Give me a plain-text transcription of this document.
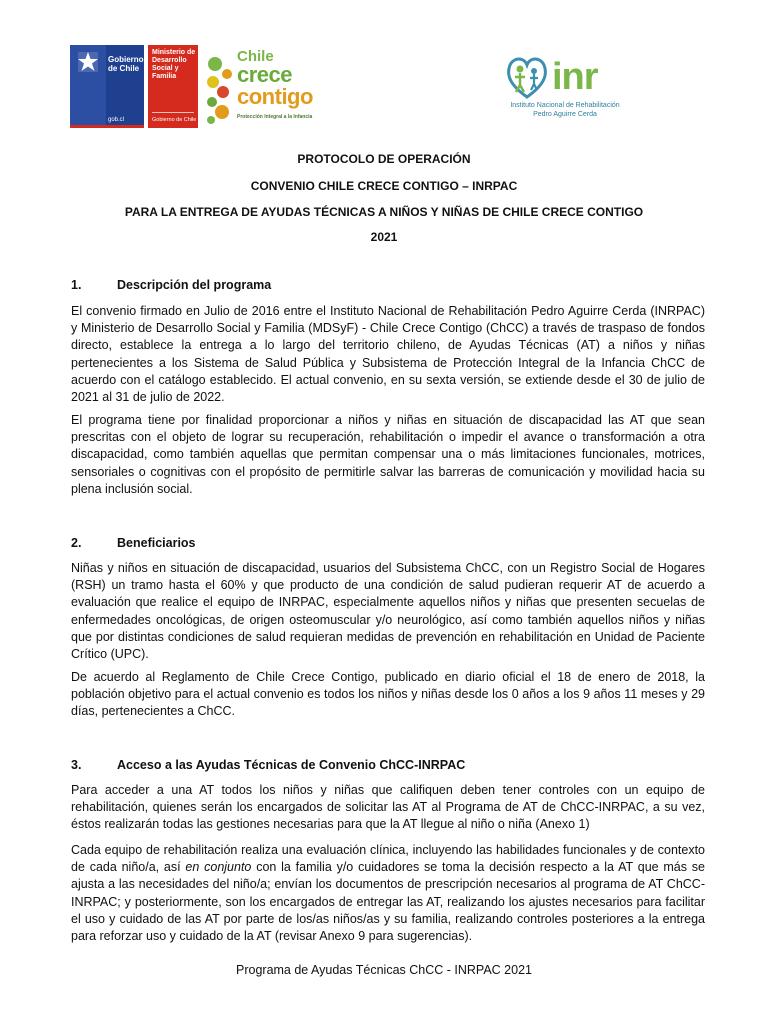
Gobierno
de Chile
gob.cl
Ministerio de
Desarrollo
Social y
Familia
Gobierno de Chile
Chile
crece
contigo
Protección Integral a la Infancia
inr
Instituto Nacional de Rehabilitación
Pedro Aguirre Cerda
PROTOCOLO DE OPERACIÓN
CONVENIO CHILE CRECE CONTIGO – INRPAC
PARA LA ENTREGA DE AYUDAS TÉCNICAS A NIÑOS Y NIÑAS DE CHILE CRECE CONTIGO
2021
1.	Descripción del programa

El convenio firmado en Julio de 2016 entre el Instituto Nacional de Rehabilitación Pedro Aguirre Cerda (INRPAC) y Ministerio de Desarrollo Social y Familia (MDSyF) - Chile Crece Contigo (ChCC) a través de traspaso de fondos directo, establece la entrega a lo largo del territorio chileno, de Ayudas Técnicas (AT) a niños y niñas pertenecientes a los Sistema de Salud Pública y Subsistema de Protección Integral de la Infancia ChCC de acuerdo con el catálogo establecido. El actual convenio, en su sexta versión, se extiende desde el 30 de julio de 2021 al 31 de julio de 2022.

El programa tiene por finalidad proporcionar a niños y niñas en situación de discapacidad las AT que sean prescritas con el objeto de lograr su recuperación, rehabilitación o impedir el avance o transformación a otra discapacidad, como también aquellas que permitan compensar una o más limitaciones funcionales, motrices, sensoriales o cognitivas con el propósito de permitirle salvar las barreras de comunicación y movilidad hacia su plena inclusión social.

2.	Beneficiarios

Niñas y niños en situación de discapacidad, usuarios del Subsistema ChCC, con un Registro Social de Hogares (RSH) un tramo hasta el 60% y que producto de una condición de salud pudieran requerir AT de acuerdo a evaluación que realice el equipo de INRPAC, especialmente aquellos niños y niñas que presenten secuelas de enfermedades oncológicas, de origen osteomuscular y/o neurológico, así como también aquellos niños y niñas que por distintas condiciones de salud requieran medidas de prevención en rehabilitación en Unidad de Paciente Crítico (UPC).

De acuerdo al Reglamento de Chile Crece Contigo, publicado en diario oficial el 18 de enero de 2018, la población objetivo para el actual convenio es todos los niños y niñas desde los 0 años a los 9 años 11 meses y 29 días, pertenecientes a ChCC.

3.	Acceso a las Ayudas Técnicas de Convenio ChCC-INRPAC

Para acceder a una AT todos los niños y niñas que califiquen deben tener controles con un equipo de rehabilitación, quienes serán los encargados de solicitar las AT al Programa de AT de ChCC-INRPAC, a su vez, éstos realizarán todas las gestiones necesarias para que la AT llegue al niño o niña (Anexo 1)

Cada equipo de rehabilitación realiza una evaluación clínica, incluyendo las habilidades funcionales y de contexto de cada niño/a, así en conjunto con la familia y/o cuidadores se toma la decisión respecto a la AT que más se ajusta a las necesidades del niño/a; envían los documentos de prescripción necesarios al programa de AT ChCC-INRPAC; y posteriormente, son los encargados de entregar las AT, realizando los ajustes necesarios para facilitar el uso y cuidado de las AT por parte de los/as niños/as y su familia, realizando controles posteriores a la entrega para reforzar uso y cuidado de la AT (revisar Anexo 9 para sugerencias).

Programa de Ayudas Técnicas ChCC - INRPAC 2021
